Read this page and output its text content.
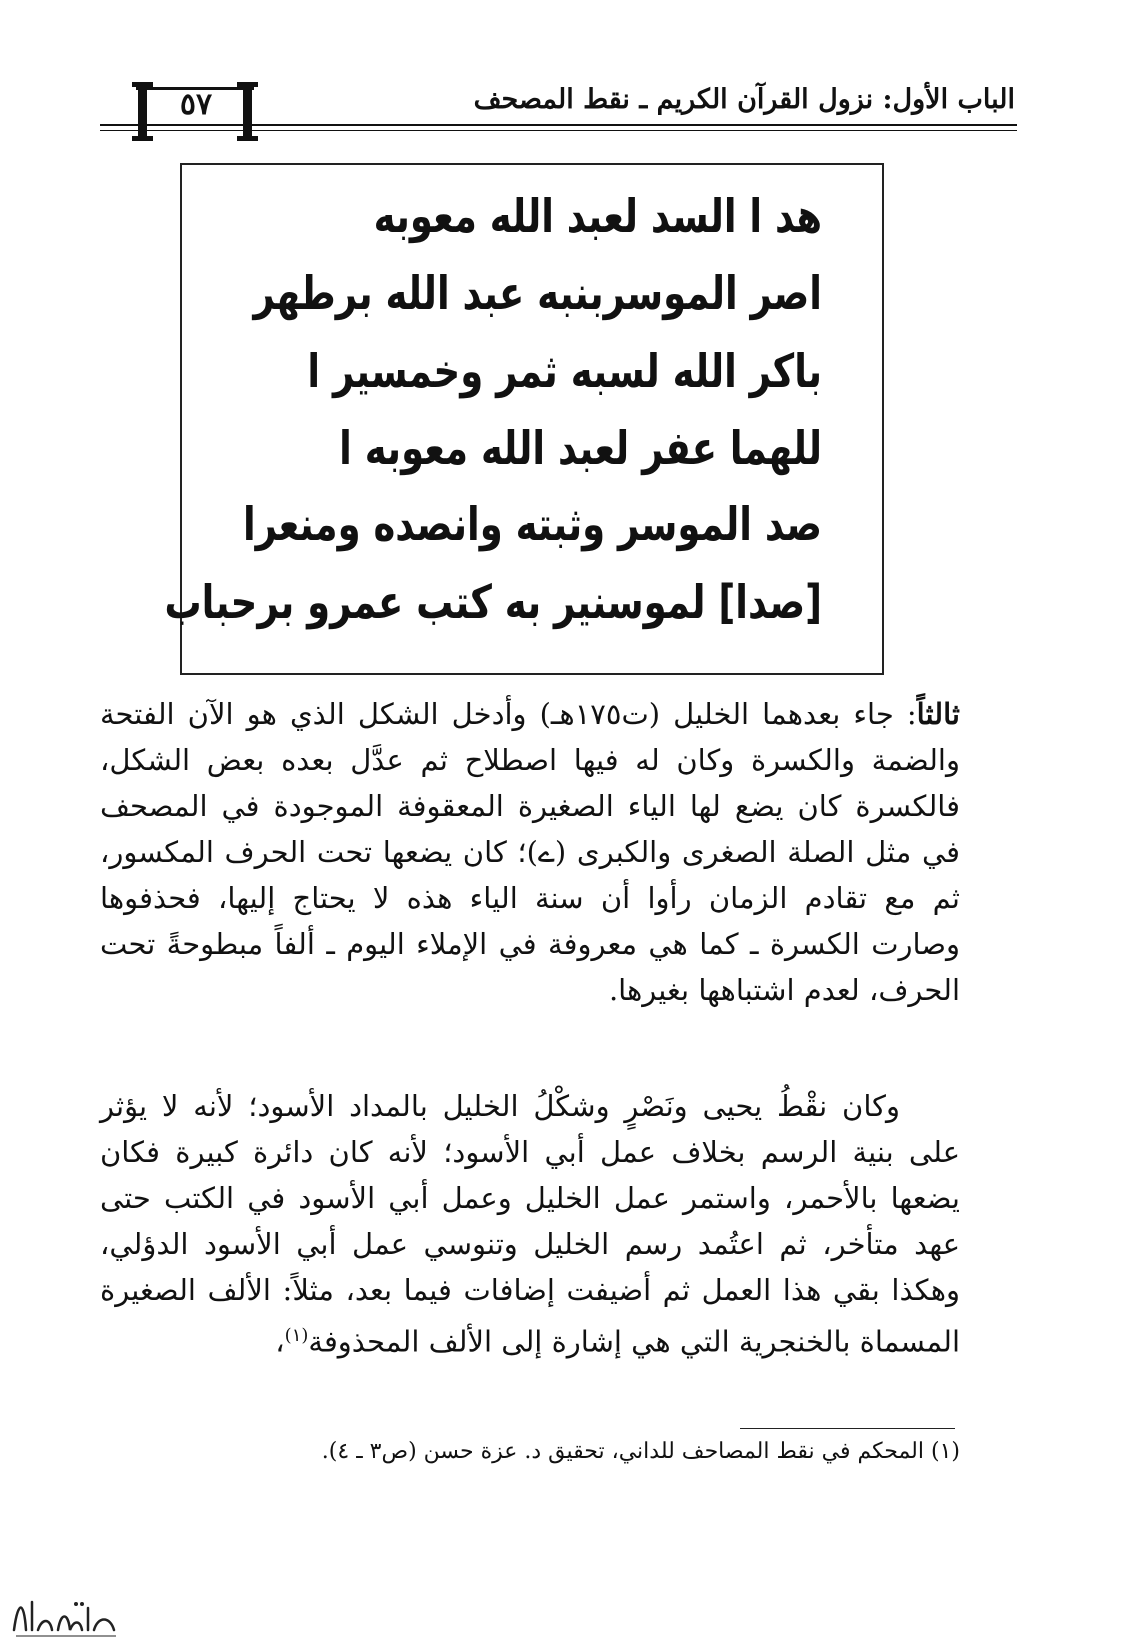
الباب الأول: نزول القرآن الكريم ـ نقط المصحف
٥٧
هد ا السد لعبد الله معوبه
اصر الموسربنبه عبد الله برطهر
باكر الله لسبه ثمر وخمسير ا
للهما عفر لعبد الله معوبه ا
صد الموسر وثبته وانصده ومنعرا
[صدا] لموسنير به كتب عمرو برحباب
ثالثاً: جاء بعدهما الخليل (ت١٧٥هـ) وأدخل الشكل الذي هو الآن الفتحة والضمة والكسرة وكان له فيها اصطلاح ثم عدَّل بعده بعض الشكل، فالكسرة كان يضع لها الياء الصغيرة المعقوفة الموجودة في المصحف في مثل الصلة الصغرى والكبرى (ے)؛ كان يضعها تحت الحرف المكسور، ثم مع تقادم الزمان رأوا أن سنة الياء هذه لا يحتاج إليها، فحذفوها وصارت الكسرة ـ كما هي معروفة في الإملاء اليوم ـ ألفاً مبطوحةً تحت الحرف، لعدم اشتباهها بغيرها.
وكان نقْطُ يحيى ونَصْرٍ وشكْلُ الخليل بالمداد الأسود؛ لأنه لا يؤثر على بنية الرسم بخلاف عمل أبي الأسود؛ لأنه كان دائرة كبيرة فكان يضعها بالأحمر، واستمر عمل الخليل وعمل أبي الأسود في الكتب حتى عهد متأخر، ثم اعتُمد رسم الخليل وتنوسي عمل أبي الأسود الدؤلي، وهكذا بقي هذا العمل ثم أضيفت إضافات فيما بعد، مثلاً: الألف الصغيرة المسماة بالخنجرية التي هي إشارة إلى الألف المحذوفة$^{(١)}$،
(١) المحكم في نقط المصاحف للداني، تحقيق د. عزة حسن (ص٣ ـ ٤).
